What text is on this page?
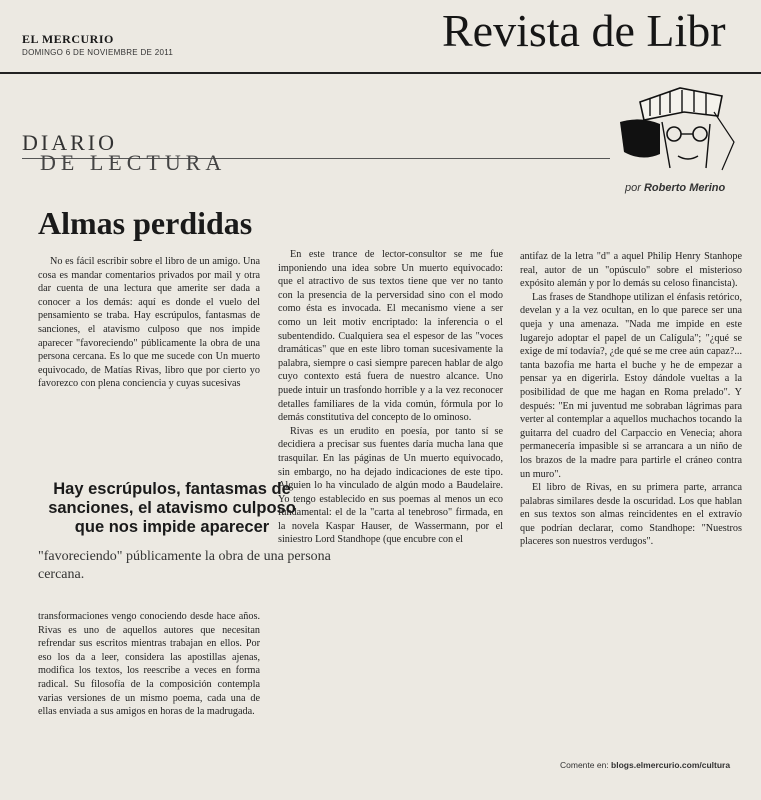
EL MERCURIO
DOMINGO 6 DE NOVIEMBRE DE 2011	Revista de Libr
DIARIO
DE LECTURA
por Roberto Merino
Almas perdidas

No es fácil escribir sobre el libro de un amigo. Una cosa es mandar comentarios privados por mail y otra dar cuenta de una lectura que amerite ser dada a conocer a los demás: aquí es donde el vuelo del pensamiento se traba. Hay escrúpulos, fantasmas de sanciones, el atavismo culposo que nos impide aparecer "favoreciendo" públicamente la obra de una persona cercana. Es lo que me sucede con Un muerto equivocado, de Matías Rivas, libro que por cierto yo favorezco con plena conciencia y cuyas sucesivas

Hay escrúpulos, fantasmas de sanciones, el atavismo culposo que nos impide aparecer
"favoreciendo" públicamente la obra de una persona cercana.

transformaciones vengo conociendo desde hace años. Rivas es uno de aquellos autores que necesitan refrendar sus escritos mientras trabajan en ellos. Por eso los da a leer, considera las apostillas ajenas, modifica los textos, los reescribe a veces en forma radical. Su filosofía de la composición contempla varias versiones de un mismo poema, cada una de ellas enviada a sus amigos en horas de la madrugada.

En este trance de lector-consultor se me fue imponiendo una idea sobre Un muerto equivocado: que el atractivo de sus textos tiene que ver no tanto con la presencia de la perversidad sino con el modo como ésta es invocada. El mecanismo viene a ser como un leit motiv encriptado: la inferencia o el subentendido. Cualquiera sea el espesor de las "voces dramáticas" que en este libro toman sucesivamente la palabra, siempre o casi siempre parecen hablar de algo cuyo contexto está fuera de nuestro alcance. Uno puede intuir un trasfondo horrible y a la vez reconocer detalles familiares de la vida común, fórmula por lo demás constitutiva del concepto de lo ominoso.

Rivas es un erudito en poesía, por tanto sí se decidiera a precisar sus fuentes daría mucha lana que trasquilar. En las páginas de Un muerto equivocado, sin embargo, no ha dejado indicaciones de este tipo. Alguien lo ha vinculado de algún modo a Baudelaire. Yo tengo establecido en sus poemas al menos un eco fundamental: el de la "carta al tenebroso" firmada, en la novela Kaspar Hauser, de Wassermann, por el siniestro Lord Standhope (que encubre con el

antifaz de la letra "d" a aquel Philip Henry Stanhope real, autor de un "opúsculo" sobre el misterioso expósito alemán y por lo demás su celoso financista).

Las frases de Standhope utilizan el énfasis retórico, develan y a la vez ocultan, en lo que parece ser una queja y una amenaza. "Nada me impide en este lugarejo adoptar el papel de un Calígula"; "¿qué se exige de mí todavía?, ¿de qué se me cree aún capaz?... tanta bazofia me harta el buche y he de empezar a pensar ya en digerirla. Estoy dándole vueltas a la posibilidad de que me hagan en Roma prelado". Y después: "En mi juventud me sobraban lágrimas para verter al contemplar a aquellos muchachos tocando la guitarra del cuadro del Carpaccio en Venecia; ahora permanecería impasible si se arrancara a un niño de los brazos de la madre para partirle el cráneo contra un muro".

El libro de Rivas, en su primera parte, arranca palabras similares desde la oscuridad. Los que hablan en sus textos son almas reincidentes en el extravío que podrían declarar, como Standhope: "Nuestros placeres son nuestros verdugos".

Comente en: blogs.elmercurio.com/cultura
